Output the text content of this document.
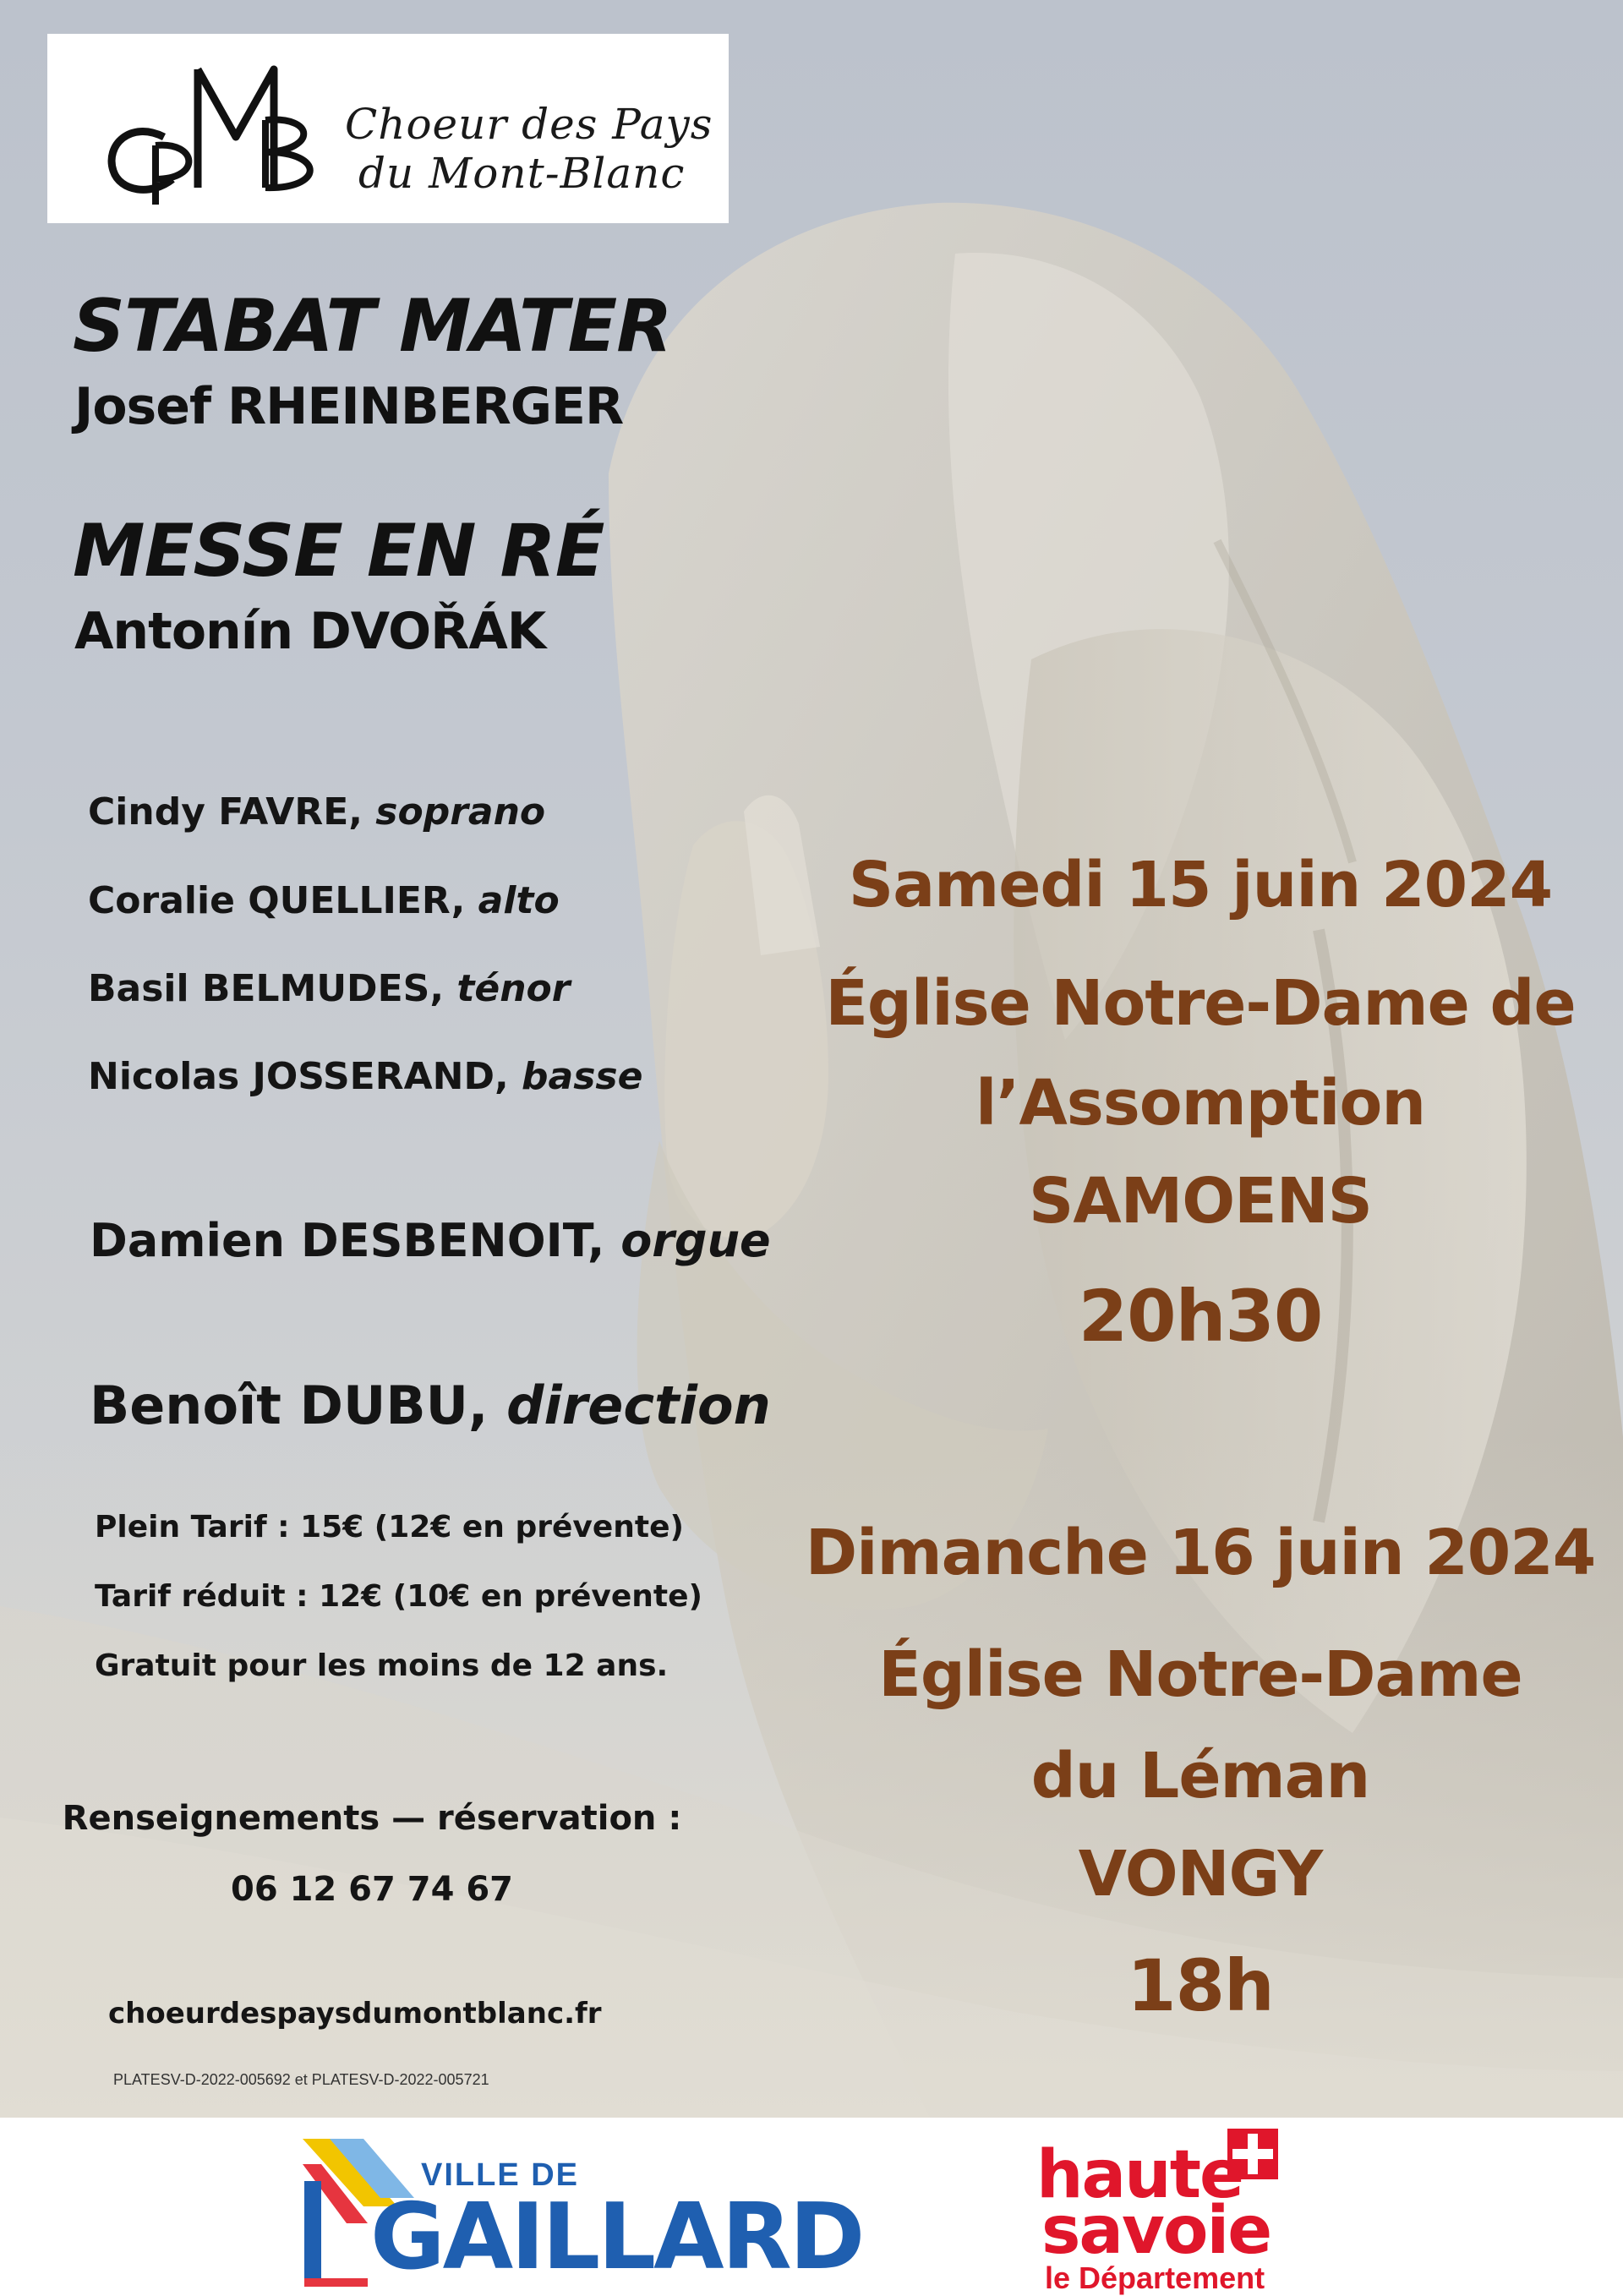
Choeur des Pays
du Mont-Blanc
STABAT MATER
Josef RHEINBERGER
MESSE EN RÉ
Antonín DVOŘÁK
Cindy FAVRE, soprano
Coralie QUELLIER, alto
Basil BELMUDES, ténor
Nicolas JOSSERAND, basse
Damien DESBENOIT, orgue
Benoît DUBU, direction
Plein Tarif : 15€ (12€ en prévente)
Tarif réduit : 12€ (10€ en prévente)
Gratuit pour les moins de 12 ans.
Renseignements — réservation :
06 12 67 74 67
choeurdespaysdumontblanc.fr
PLATESV-D-2022-005692 et PLATESV-D-2022-005721
Samedi 15 juin 2024
Église Notre-Dame de
l’Assomption
SAMOENS
20h30
Dimanche 16 juin 2024
Église Notre-Dame
du Léman
VONGY
18h
VILLE DE
GAILLARD
haute
savoie
le Département
